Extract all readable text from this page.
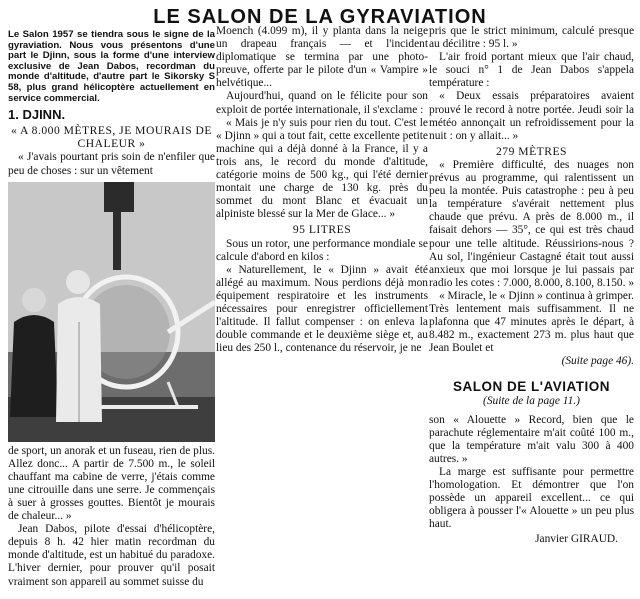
LE SALON DE LA GYRAVIATION

Le Salon 1957 se tiendra sous le signe de la gyraviation. Nous vous présentons d'une part le Djinn, sous la forme d'une interview exclusive de Jean Dabos, recordman du monde d'altitude, d'autre part le Sikorsky S 58, plus grand hélicoptère actuellement en service commercial.

1. DJINN.

« A 8.000 MÈTRES, JE MOURAIS DE CHALEUR »

« J'avais pourtant pris soin de n'enfiler que peu de choses : sur un vêtement

de sport, un anorak et un fuseau, rien de plus. Allez donc... A partir de 7.500 m., le soleil chauffant ma cabine de verre, j'étais comme une citrouille dans une serre. Je commençais à suer à grosses gouttes. Bientôt je mourais de chaleur... »

Jean Dabos, pilote d'essai d'hélicoptère, depuis 8 h. 42 hier matin recordman du monde d'altitude, est un habitué du paradoxe. L'hiver dernier, pour prouver qu'il posait vraiment son appareil au sommet suisse du

Moench (4.099 m), il y planta dans la neige un drapeau français — et l'incident diplomatique se termina par une photo-preuve, offerte par le pilote d'un « Vampire » helvétique...

Aujourd'hui, quand on le félicite pour son exploit de portée internationale, il s'exclame :

« Mais je n'y suis pour rien du tout. C'est le « Djinn » qui a tout fait, cette excellente petite machine qui a déjà donné à la France, il y a trois ans, le record du monde d'altitude, catégorie moins de 500 kg., qui l'été dernier montait une charge de 130 kg. près du sommet du mont Blanc et évacuait un alpiniste blessé sur la Mer de Glace... »

95 LITRES

Sous un rotor, une performance mondiale se calcule d'abord en kilos :

« Naturellement, le « Djinn » avait été allégé au maximum. Nous perdions déjà mon équipement respiratoire et les instruments nécessaires pour enregistrer officiellement l'altitude. Il fallut compenser : on enleva la double commande et le deuxième siège et, au lieu des 250 l., contenance du réservoir, je ne

pris que le strict minimum, calculé presque au décilitre : 95 l. »

L'air froid portant mieux que l'air chaud, le souci n° 1 de Jean Dabos s'appela température :

« Deux essais préparatoires avaient prouvé le record à notre portée. Jeudi soir la météo annonçait un refroidissement pour la nuit : on y allait... »

279 MÈTRES

« Première difficulté, des nuages non prévus au programme, qui ralentissent un peu la montée. Puis catastrophe : peu à peu la température s'avérait nettement plus chaude que prévu. A près de 8.000 m., il faisait dehors — 35°, ce qui est très chaud pour une telle altitude. Réussirions-nous ? Au sol, l'ingénieur Castagné était tout aussi anxieux que moi lorsque je lui passais par radio les cotes : 7.000, 8.000, 8.100, 8.150. »

« Miracle, le « Djinn » continua à grimper. Très lentement mais suffisamment. Il ne plafonna que 47 minutes après le départ, à 8.482 m., exactement 273 m. plus haut que Jean Boulet et

(Suite page 46).

SALON DE L'AVIATION
(Suite de la page 11.)

son « Alouette » Record, bien que le parachute réglementaire m'ait coûté 100 m., que la température m'ait valu 300 à 400 autres. »

La marge est suffisante pour permettre l'homologation. Et démontrer que l'on possède un appareil excellent... ce qui obligera à pousser l'« Alouette » un peu plus haut.

Janvier GIRAUD.
